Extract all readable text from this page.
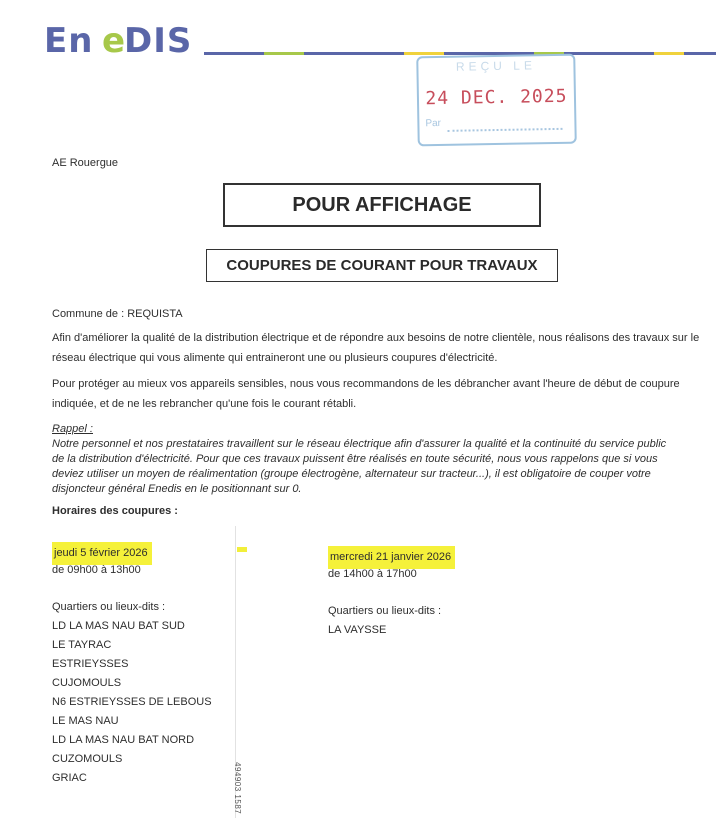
En e
DIS
REÇU LE
24 DEC. 2025
Par
AE Rouergue
POUR AFFICHAGE
COUPURES DE COURANT POUR TRAVAUX
Commune de : REQUISTA
Afin d'améliorer la qualité de la distribution électrique et de répondre aux besoins de notre clientèle, nous réalisons des travaux sur le réseau électrique qui vous alimente qui entraineront une ou plusieurs coupures d'électricité.
Pour protéger au mieux vos appareils sensibles, nous vous recommandons de les débrancher avant l'heure de début de coupure indiquée, et de ne les rebrancher qu'une fois le courant rétabli.
Rappel :
Notre personnel et nos prestataires travaillent sur le réseau électrique afin d'assurer la qualité et la continuité du service public
de la distribution d'électricité. Pour que ces travaux puissent être réalisés en toute sécurité, nous vous rappelons que si vous
deviez utiliser un moyen de réalimentation (groupe électrogène, alternateur sur tracteur...), il est obligatoire de couper votre
disjoncteur général Enedis en le positionnant sur 0.
Horaires des coupures :
jeudi 5 février 2026
de 09h00 à 13h00
Quartiers ou lieux-dits :
LD LA MAS NAU BAT SUD
LE TAYRAC
ESTRIEYSSES
CUJOMOULS
N6 ESTRIEYSSES DE LEBOUS
LE MAS NAU
LD LA MAS NAU BAT NORD
CUZOMOULS
GRIAC
mercredi 21 janvier 2026
de 14h00 à 17h00
Quartiers ou lieux-dits :
LA VAYSSE
494903 1587
